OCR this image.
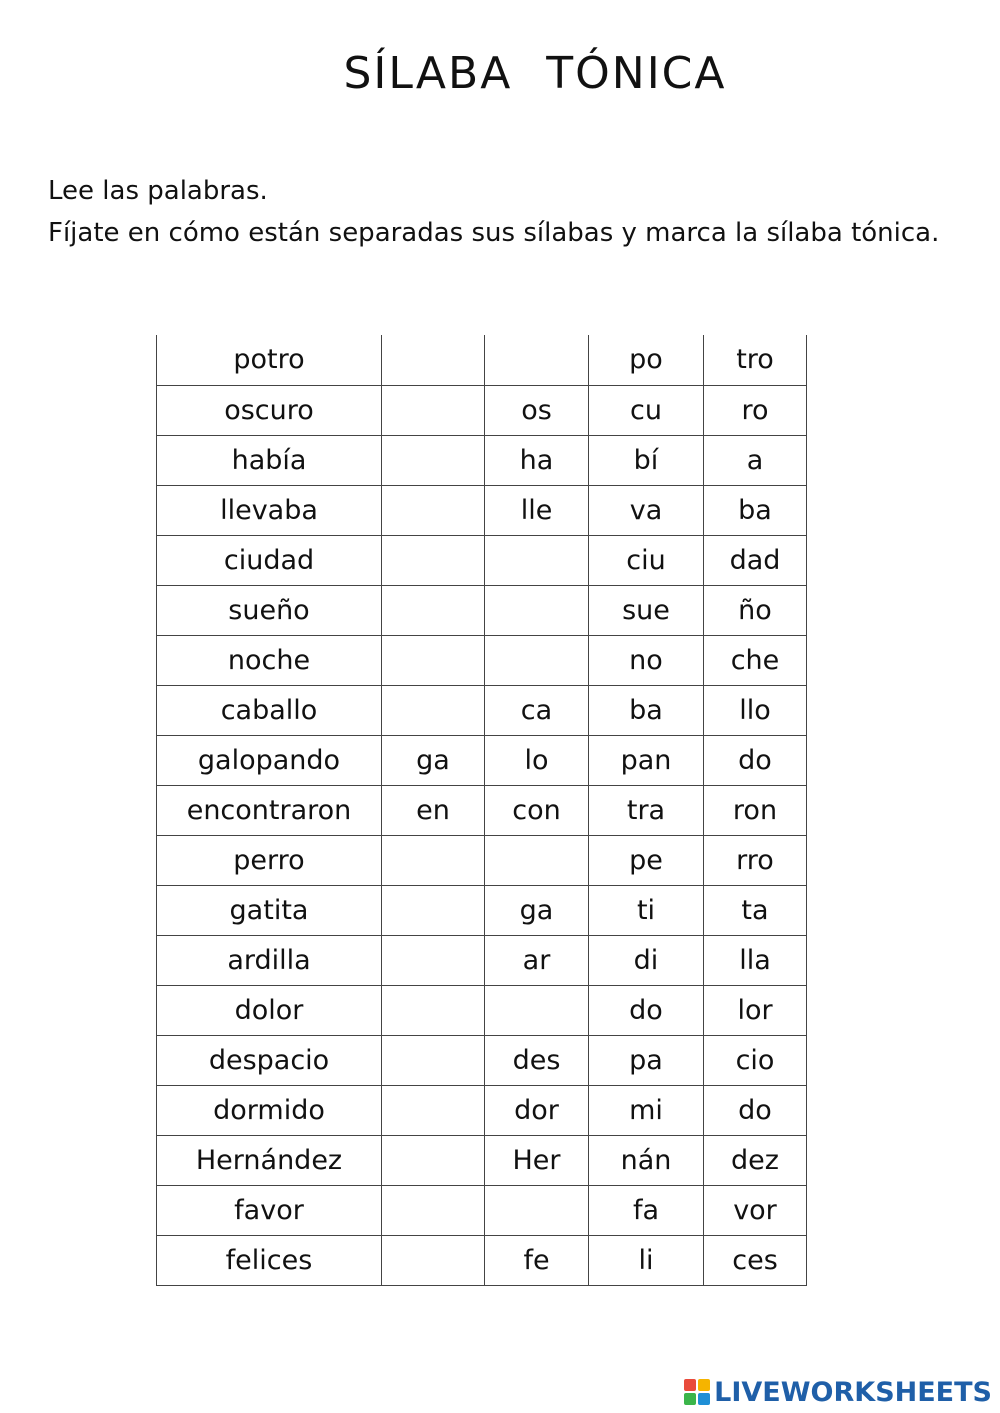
SÍLABA TÓNICA

Lee las palabras.

Fíjate en cómo están separadas sus sílabas y marca la sílaba tónica.

potro			po	tro
oscuro		os	cu	ro
había		ha	bí	a
llevaba		lle	va	ba
ciudad			ciu	dad
sueño			sue	ño
noche			no	che
caballo		ca	ba	llo
galopando	ga	lo	pan	do
encontraron	en	con	tra	ron
perro			pe	rro
gatita		ga	ti	ta
ardilla		ar	di	lla
dolor			do	lor
despacio		des	pa	cio
dormido		dor	mi	do
Hernández		Her	nán	dez
favor			fa	vor
felices		fe	li	ces
LIVEWORKSHEETS
